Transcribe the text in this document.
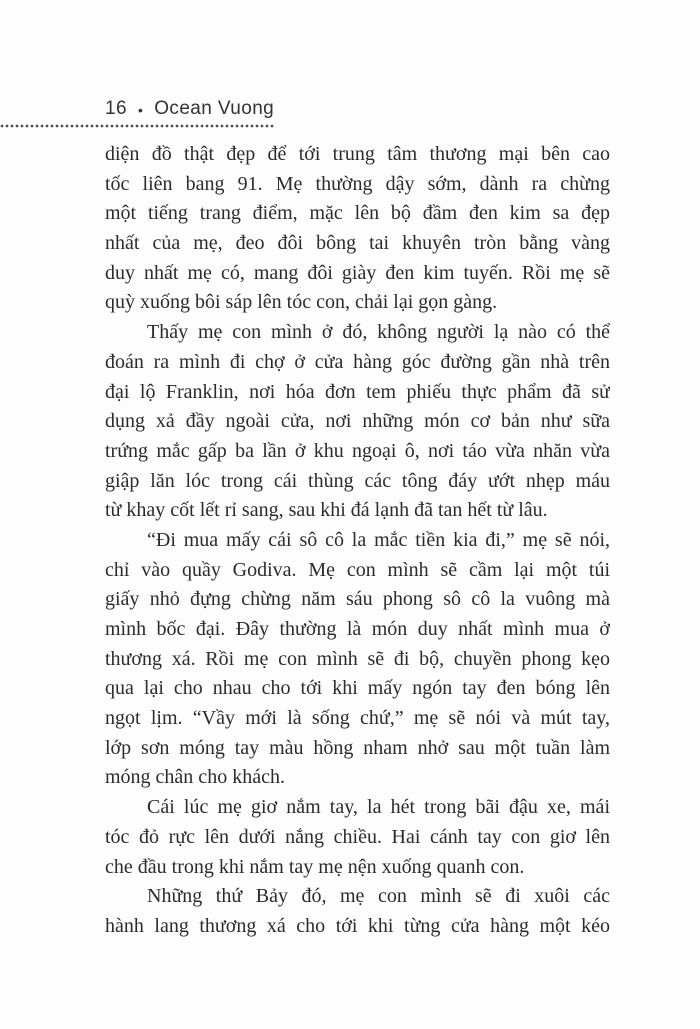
16 • Ocean Vuong
diện đồ thật đẹp để tới trung tâm thương mại bên cao
tốc liên bang 91. Mẹ thường dậy sớm, dành ra chừng
một tiếng trang điểm, mặc lên bộ đầm đen kim sa đẹp
nhất của mẹ, đeo đôi bông tai khuyên tròn bằng vàng
duy nhất mẹ có, mang đôi giày đen kim tuyến. Rồi mẹ sẽ
quỳ xuống bôi sáp lên tóc con, chải lại gọn gàng.
Thấy mẹ con mình ở đó, không người lạ nào có thể
đoán ra mình đi chợ ở cửa hàng góc đường gần nhà trên
đại lộ Franklin, nơi hóa đơn tem phiếu thực phẩm đã sử
dụng xả đầy ngoài cửa, nơi những món cơ bản như sữa
trứng mắc gấp ba lần ở khu ngoại ô, nơi táo vừa nhăn vừa
giập lăn lóc trong cái thùng các tông đáy ướt nhẹp máu
từ khay cốt lết rỉ sang, sau khi đá lạnh đã tan hết từ lâu.
“Đi mua mấy cái sô cô la mắc tiền kia đi,” mẹ sẽ nói,
chỉ vào quầy Godiva. Mẹ con mình sẽ cầm lại một túi
giấy nhỏ đựng chừng năm sáu phong sô cô la vuông mà
mình bốc đại. Đây thường là món duy nhất mình mua ở
thương xá. Rồi mẹ con mình sẽ đi bộ, chuyền phong kẹo
qua lại cho nhau cho tới khi mấy ngón tay đen bóng lên
ngọt lịm. “Vầy mới là sống chứ,” mẹ sẽ nói và mút tay,
lớp sơn móng tay màu hồng nham nhở sau một tuần làm
móng chân cho khách.
Cái lúc mẹ giơ nắm tay, la hét trong bãi đậu xe, mái
tóc đỏ rực lên dưới nắng chiều. Hai cánh tay con giơ lên
che đầu trong khi nắm tay mẹ nện xuống quanh con.
Những thứ Bảy đó, mẹ con mình sẽ đi xuôi các
hành lang thương xá cho tới khi từng cửa hàng một kéo
